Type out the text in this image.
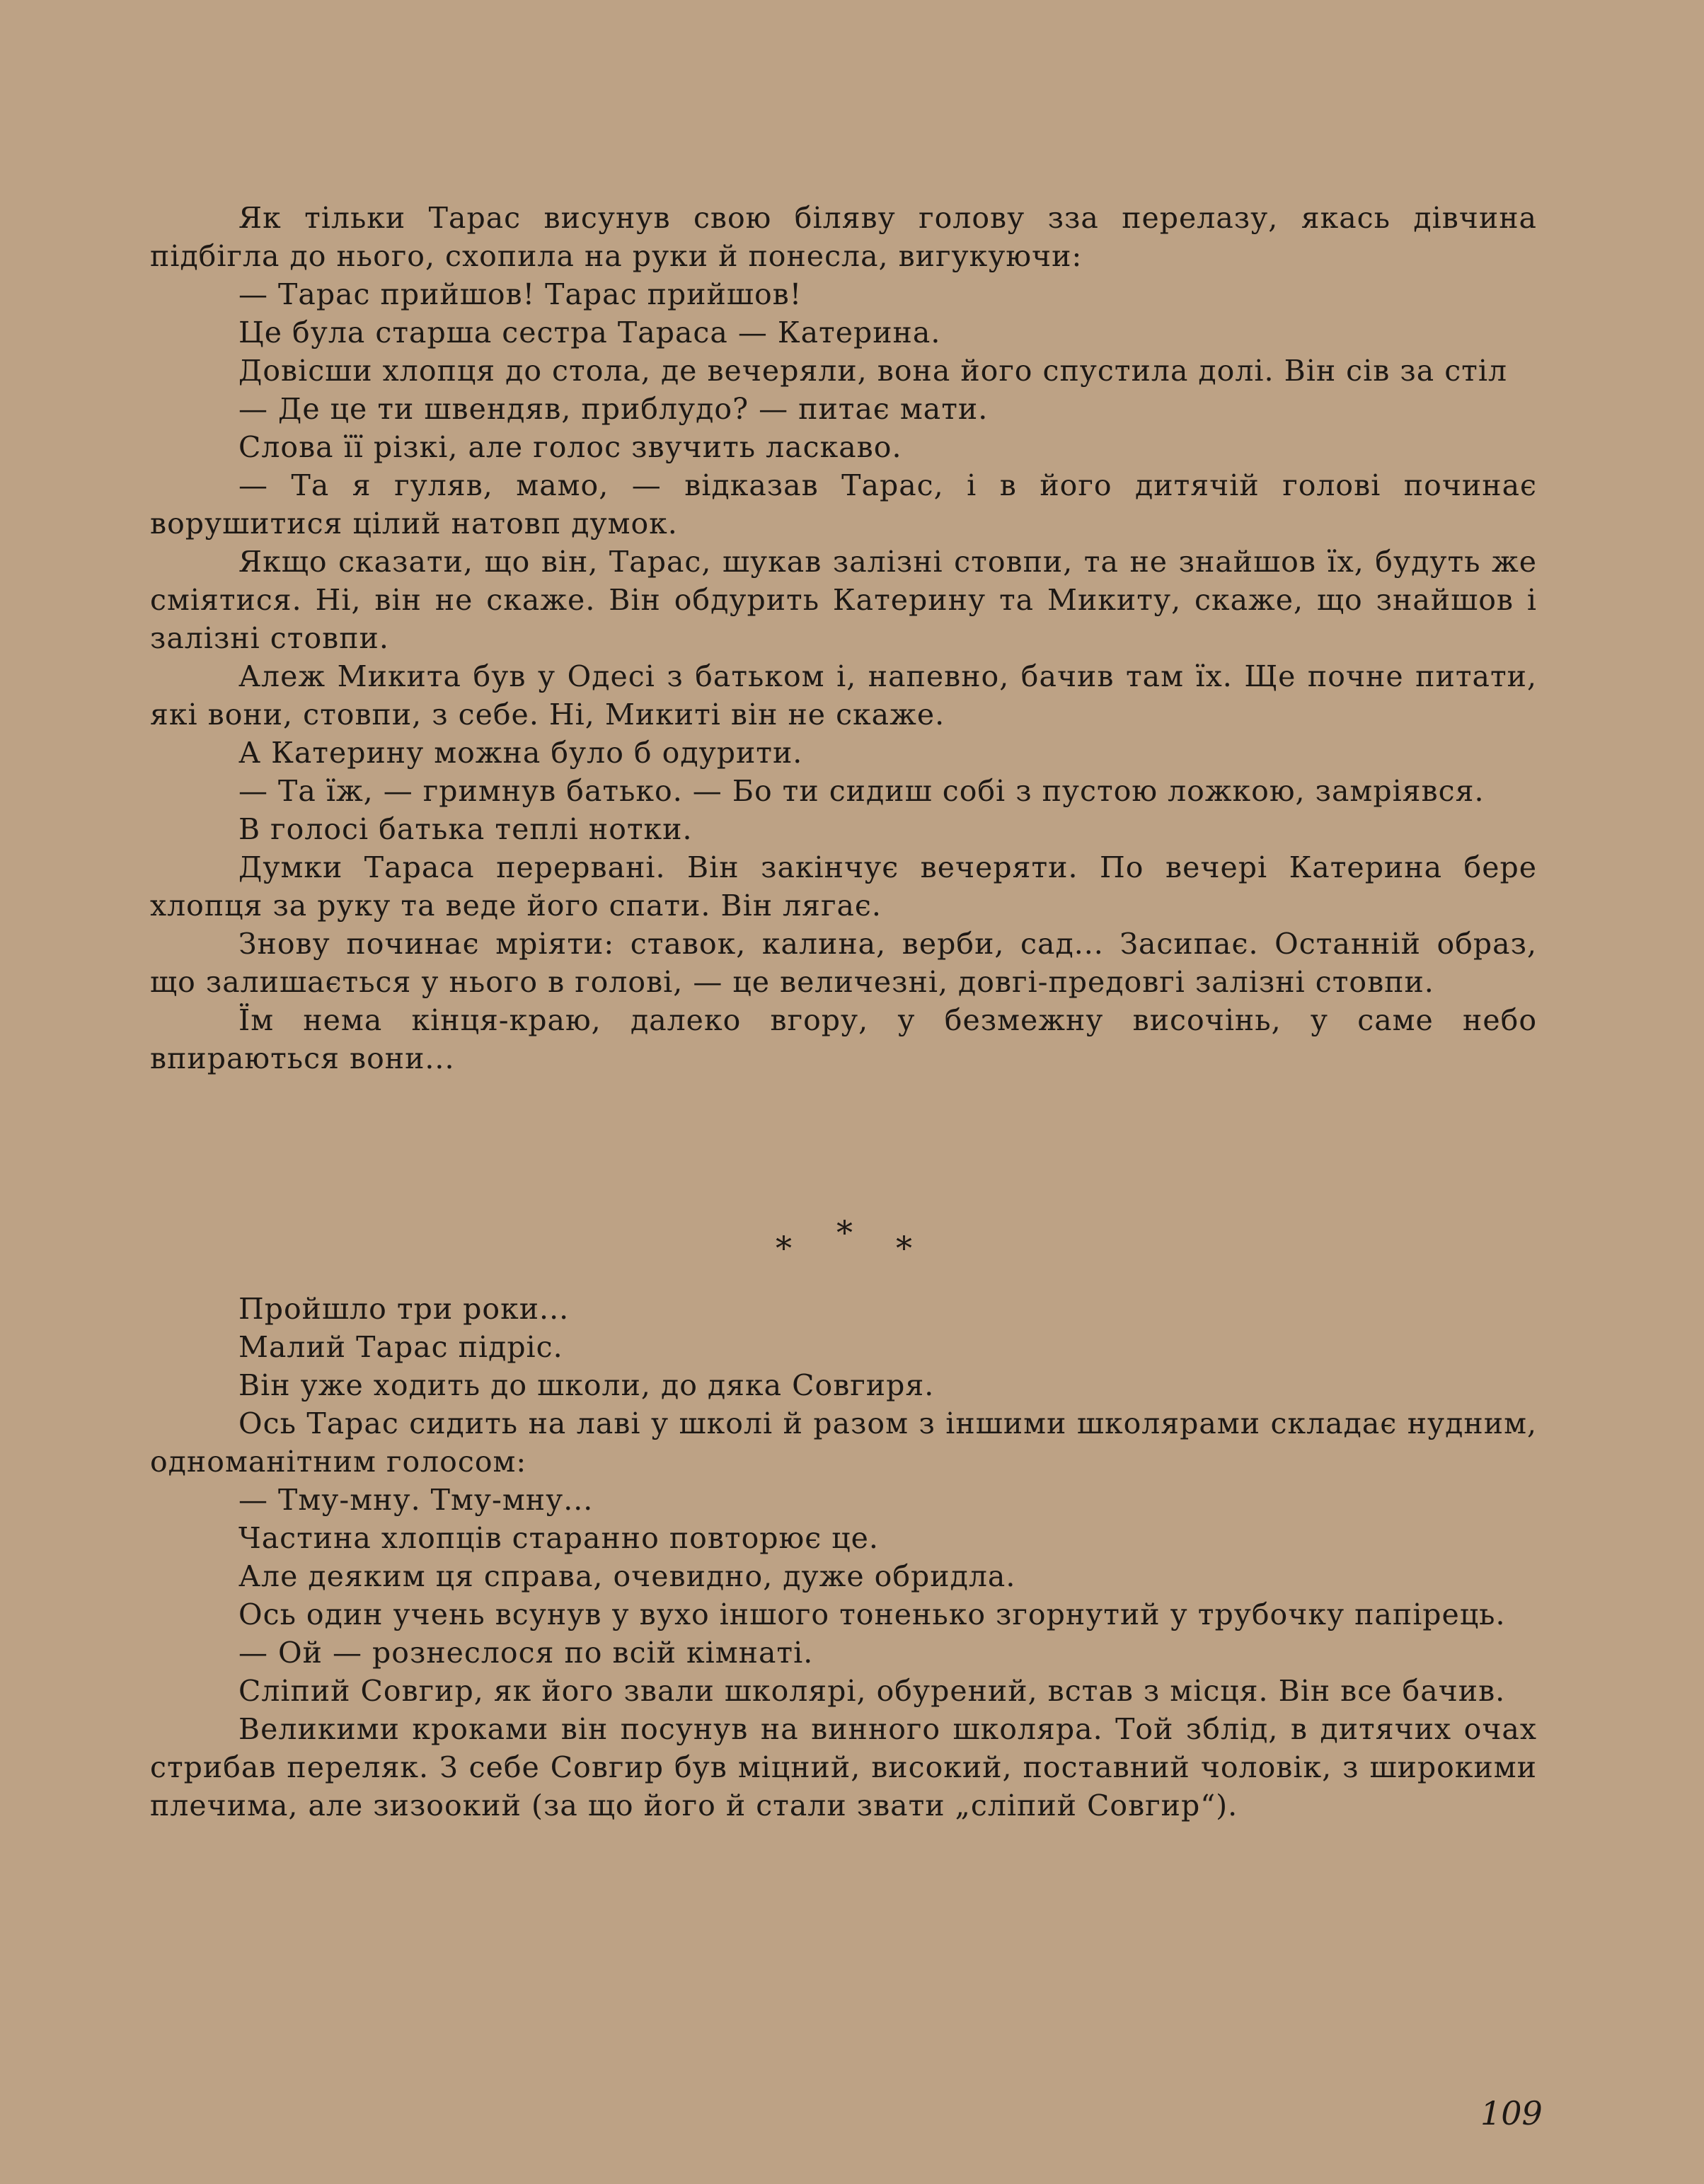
Як тільки Тарас висунув свою біляву голову зза перелазу, якась дівчина підбігла до нього, схопила на руки й понесла, вигукуючи:

— Тарас прийшов! Тарас прийшов!

Це була старша сестра Тараса — Катерина.

Довісши хлопця до стола, де вечеряли, вона його спустила долі. Він сів за стіл

— Де це ти швендяв, приблудо? — питає мати.

Слова її різкі, але голос звучить ласкаво.

— Та я гуляв, мамо, — відказав Тарас, і в його дитячій голові починає ворушитися цілий натовп думок.

Якщо сказати, що він, Тарас, шукав залізні стовпи, та не знайшов їх, будуть же сміятися. Ні, він не скаже. Він обдурить Катерину та Микиту, скаже, що знайшов і залізні стовпи.

Алеж Микита був у Одесі з батьком і, напевно, бачив там їх. Ще почне питати, які вони, стовпи, з себе. Ні, Микиті він не скаже.

А Катерину можна було б одурити.

— Та їж, — гримнув батько. — Бо ти сидиш собі з пустою ложкою, замріявся.

В голосі батька теплі нотки.

Думки Тараса перервані. Він закінчує вечеряти. По вечері Катерина бере хлопця за руку та веде його спати. Він лягає.

Знову починає мріяти: ставок, калина, верби, сад... Засипає. Останній образ, що залишається у нього в голові, — це величезні, довгі-предовгі залізні стовпи.

Їм нема кінця-краю, далеко вгору, у безмежну височінь, у саме небо впираються вони...

* * *

Пройшло три роки...

Малий Тарас підріс.

Він уже ходить до школи, до дяка Совгиря.

Ось Тарас сидить на лаві у школі й разом з іншими школярами складає нудним, одноманітним голосом:

— Тму-мну. Тму-мну...

Частина хлопців старанно повторює це.

Але деяким ця справа, очевидно, дуже обридла.

Ось один учень всунув у вухо іншого тоненько згорнутий у трубочку папірець.

— Ой — рознеслося по всій кімнаті.

Сліпий Совгир, як його звали школярі, обурений, встав з місця. Він все бачив.

Великими кроками він посунув на винного школяра. Той зблід, в дитячих очах стрибав переляк. З себе Совгир був міцний, високий, поставний чоловік, з широкими плечима, але зизоокий (за що його й стали звати „сліпий Совгир“).

109
